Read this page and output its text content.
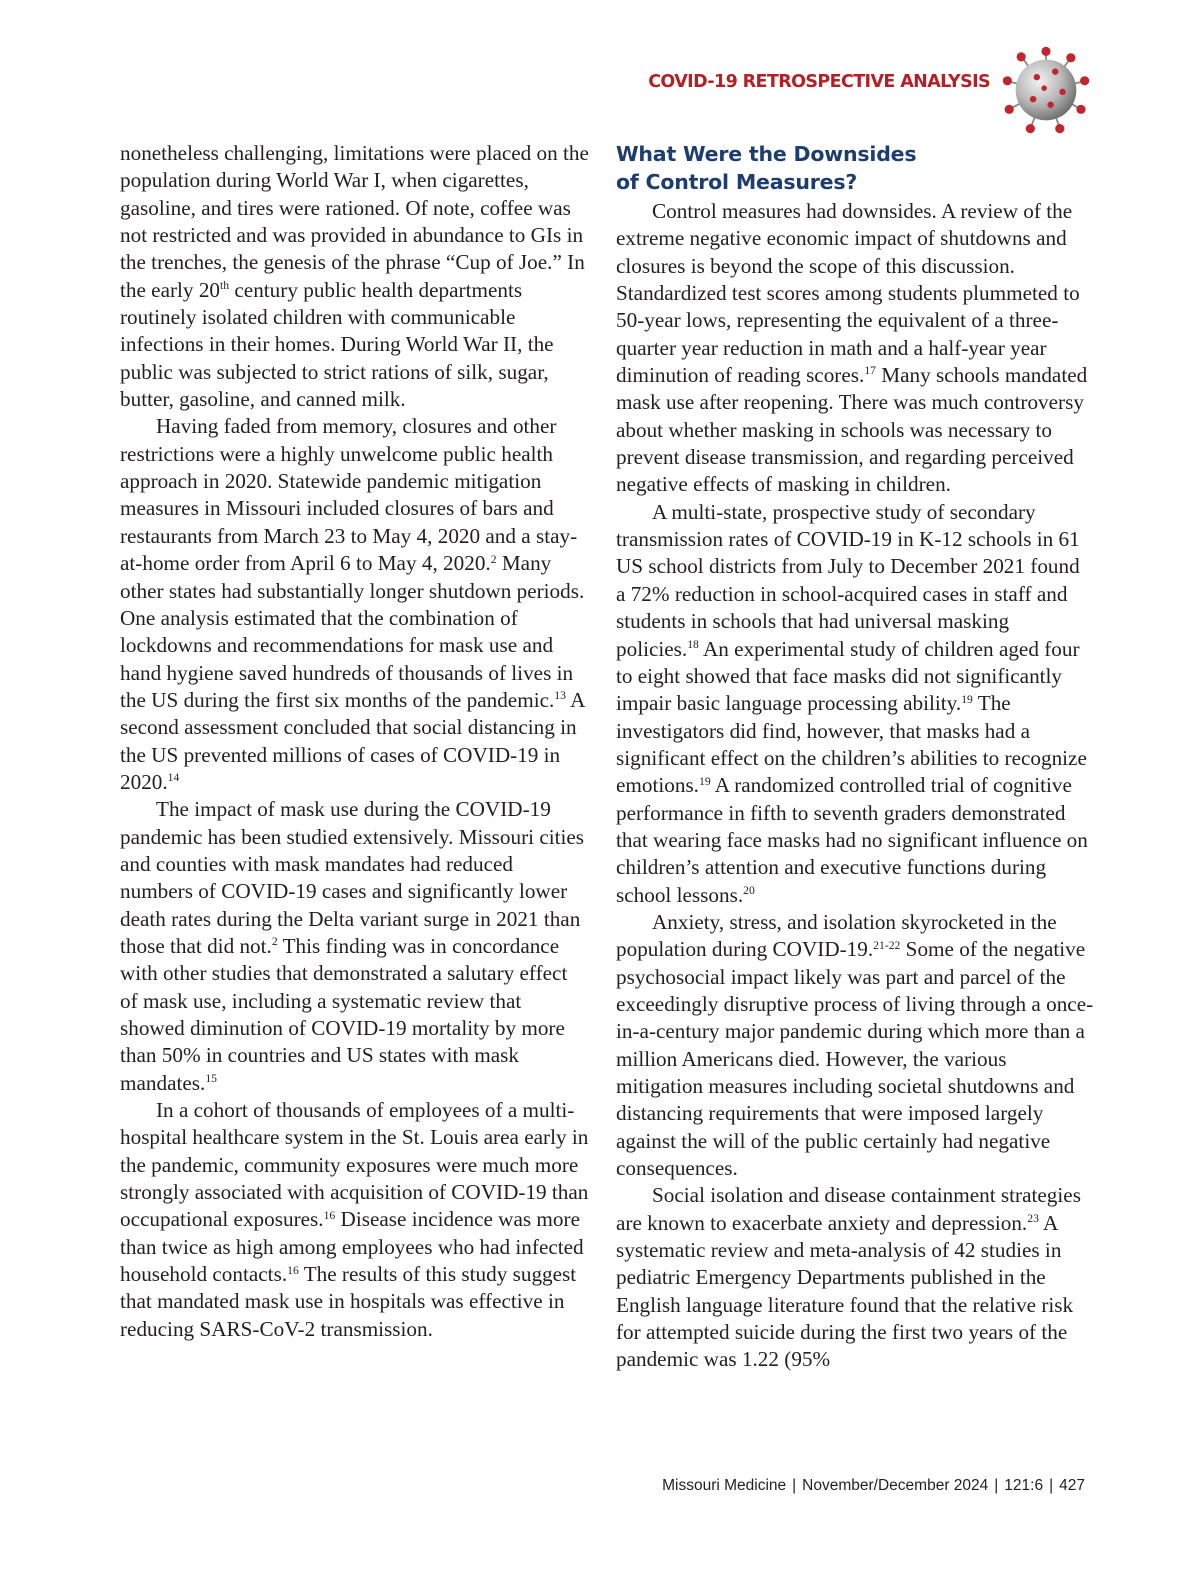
COVID-19 RETROSPECTIVE ANALYSIS

nonetheless challenging, limitations were placed on the population during World War I, when cigarettes, gasoline, and tires were rationed. Of note, coffee was not restricted and was provided in abundance to GIs in the trenches, the genesis of the phrase “Cup of Joe.” In the early 20th century public health departments routinely isolated children with communicable infections in their homes. During World War II, the public was subjected to strict rations of silk, sugar, butter, gasoline, and canned milk.

Having faded from memory, closures and other restrictions were a highly unwelcome public health approach in 2020. Statewide pandemic mitigation measures in Missouri included closures of bars and restaurants from March 23 to May 4, 2020 and a stay-at-home order from April 6 to May 4, 2020.$^2$ Many other states had substantially longer shutdown periods. One analysis estimated that the combination of lockdowns and recommendations for mask use and hand hygiene saved hundreds of thousands of lives in the US during the first six months of the pandemic.$^{13}$ A second assessment concluded that social distancing in the US prevented millions of cases of COVID-19 in 2020.14

The impact of mask use during the COVID-19 pandemic has been studied extensively. Missouri cities and counties with mask mandates had reduced numbers of COVID-19 cases and significantly lower death rates during the Delta variant surge in 2021 than those that did not.$^2$ This finding was in concordance with other studies that demonstrated a salutary effect of mask use, including a systematic review that showed diminution of COVID-19 mortality by more than 50% in countries and US states with mask mandates.$^{15}$

In a cohort of thousands of employees of a multi-hospital healthcare system in the St. Louis area early in the pandemic, community exposures were much more strongly associated with acquisition of COVID-19 than occupational exposures.$^{16}$ Disease incidence was more than twice as high among employees who had infected household contacts.$^{16}$ The results of this study suggest that mandated mask use in hospitals was effective in reducing SARS-CoV-2 transmission.

What Were the Downsides
of Control Measures?

Control measures had downsides. A review of the extreme negative economic impact of shutdowns and closures is beyond the scope of this discussion. Standardized test scores among students plummeted to 50-year lows, representing the equivalent of a three-quarter year reduction in math and a half-year year diminution of reading scores.$^{17}$ Many schools mandated mask use after reopening. There was much controversy about whether masking in schools was necessary to prevent disease transmission, and regarding perceived negative effects of masking in children.

A multi-state, prospective study of secondary transmission rates of COVID-19 in K-12 schools in 61 US school districts from July to December 2021 found a 72% reduction in school-acquired cases in staff and students in schools that had universal masking policies.$^{18}$ An experimental study of children aged four to eight showed that face masks did not significantly impair basic language processing ability.$^{19}$ The investigators did find, however, that masks had a significant effect on the children’s abilities to recognize emotions.$^{19}$ A randomized controlled trial of cognitive performance in fifth to seventh graders demonstrated that wearing face masks had no significant influence on children’s attention and executive functions during school lessons.$^{20}$

Anxiety, stress, and isolation skyrocketed in the population during COVID-19.$^{21-22}$ Some of the negative psychosocial impact likely was part and parcel of the exceedingly disruptive process of living through a once-in-a-century major pandemic during which more than a million Americans died. However, the various mitigation measures including societal shutdowns and distancing requirements that were imposed largely against the will of the public certainly had negative consequences.

Social isolation and disease containment strategies are known to exacerbate anxiety and depression.$^{23}$ A systematic review and meta-analysis of 42 studies in pediatric Emergency Departments published in the English language literature found that the relative risk for attempted suicide during the first two years of the pandemic was 1.22 (95%

Missouri Medicine | November/December 2024 | 121:6 | 427
